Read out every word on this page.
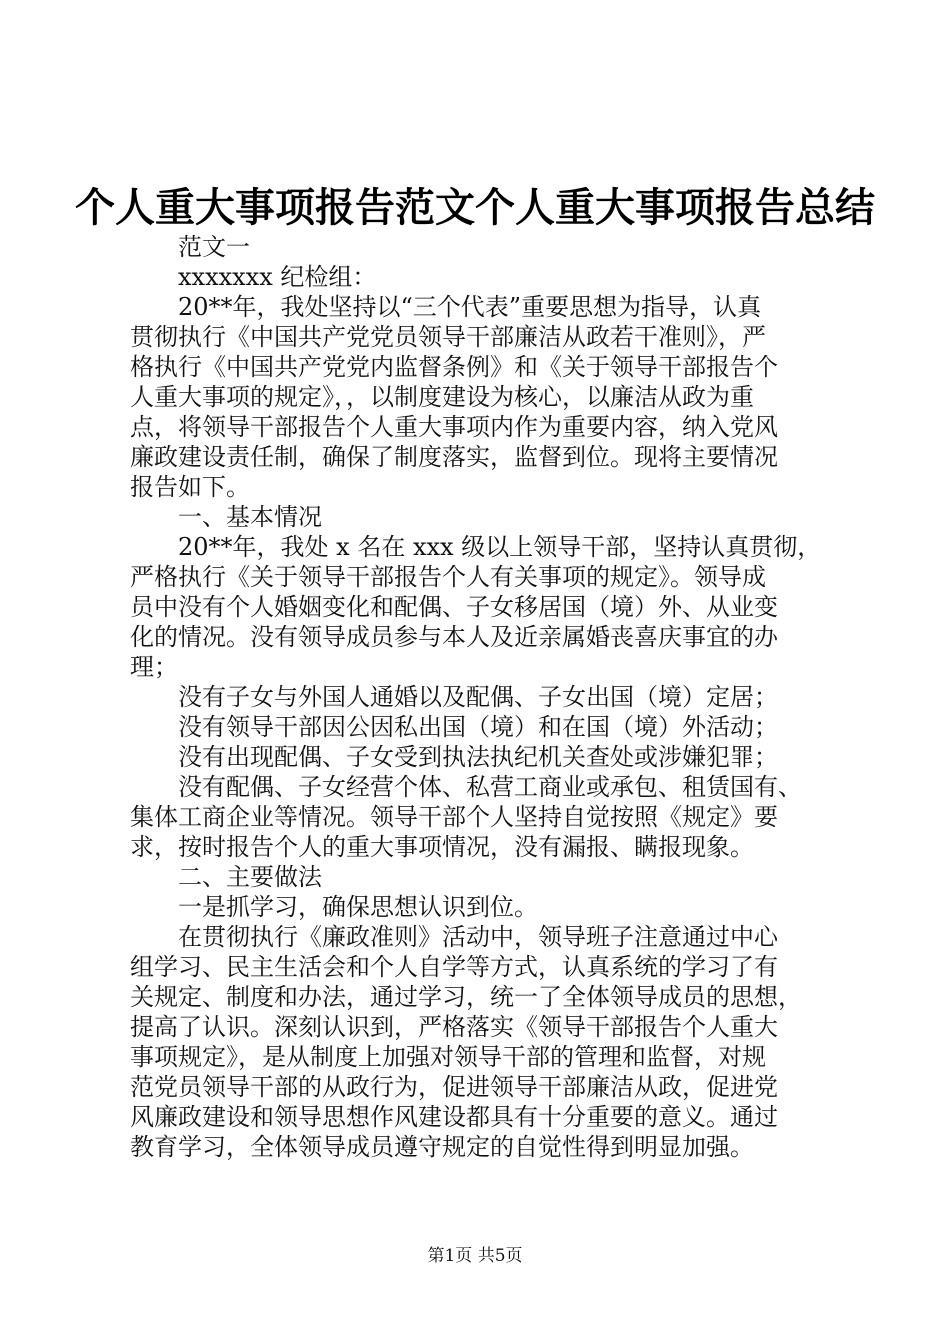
个人重大事项报告范文个人重大事项报告总结
范文一
xxxxxxx 纪检组：
20**年，我处坚持以“三个代表”重要思想为指导，认真
贯彻执行《中国共产党党员领导干部廉洁从政若干准则》，严
格执行《中国共产党党内监督条例》和《关于领导干部报告个
人重大事项的规定》，，以制度建设为核心，以廉洁从政为重
点，将领导干部报告个人重大事项内作为重要内容，纳入党风
廉政建设责任制，确保了制度落实，监督到位。现将主要情况
报告如下。
一、基本情况
20**年，我处 x 名在 xxx 级以上领导干部，坚持认真贯彻，
严格执行《关于领导干部报告个人有关事项的规定》。领导成
员中没有个人婚姻变化和配偶、子女移居国（境）外、从业变
化的情况。没有领导成员参与本人及近亲属婚丧喜庆事宜的办
理；
没有子女与外国人通婚以及配偶、子女出国（境）定居；
没有领导干部因公因私出国（境）和在国（境）外活动；
没有出现配偶、子女受到执法执纪机关查处或涉嫌犯罪；
没有配偶、子女经营个体、私营工商业或承包、租赁国有、
集体工商企业等情况。领导干部个人坚持自觉按照《规定》要
求，按时报告个人的重大事项情况，没有漏报、瞒报现象。
二、主要做法
一是抓学习，确保思想认识到位。
在贯彻执行《廉政准则》活动中，领导班子注意通过中心
组学习、民主生活会和个人自学等方式，认真系统的学习了有
关规定、制度和办法，通过学习，统一了全体领导成员的思想，
提高了认识。深刻认识到，严格落实《领导干部报告个人重大
事项规定》，是从制度上加强对领导干部的管理和监督，对规
范党员领导干部的从政行为，促进领导干部廉洁从政，促进党
风廉政建设和领导思想作风建设都具有十分重要的意义。通过
教育学习，全体领导成员遵守规定的自觉性得到明显加强。
第1页 共5页
